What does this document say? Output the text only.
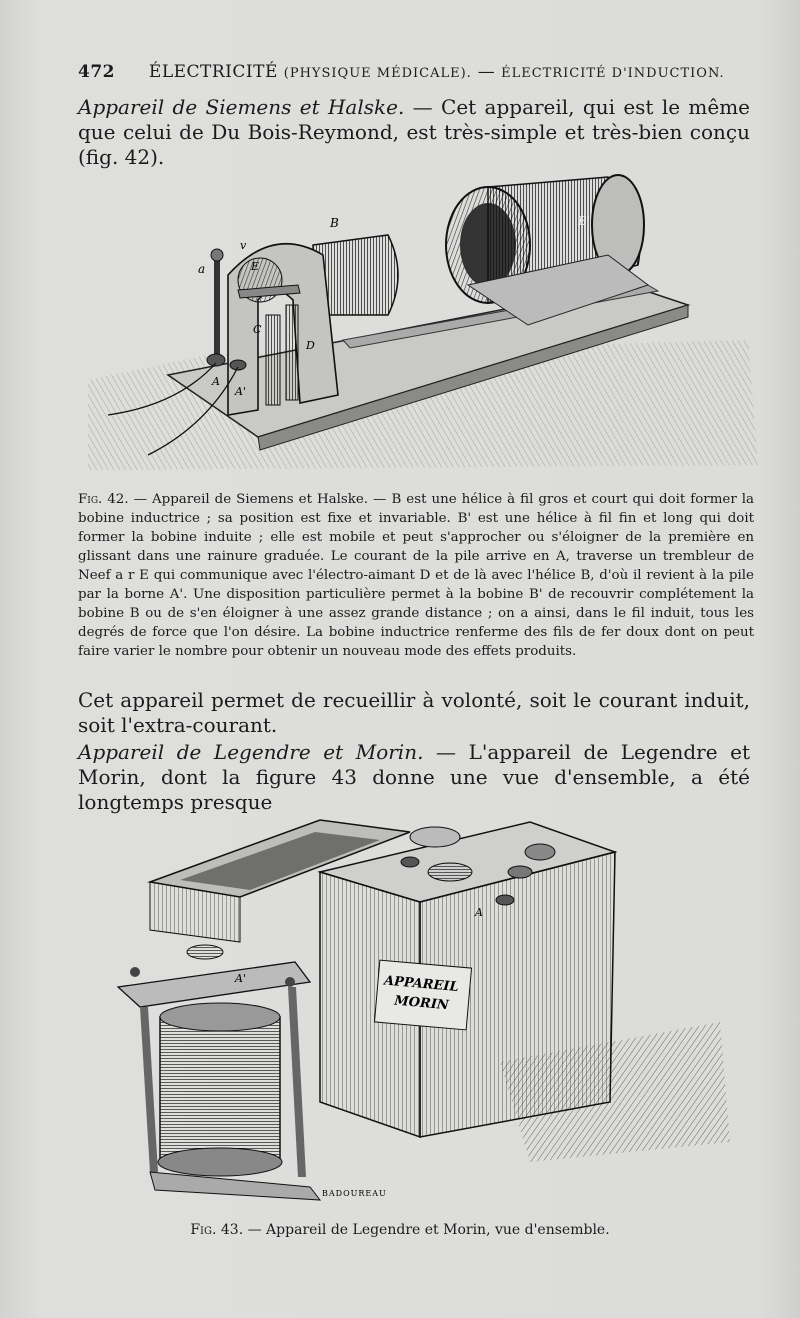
472 ÉLECTRICITÉ (PHYSIQUE MÉDICALE). — ÉLECTRICITÉ D'INDUCTION.
Appareil de Siemens et Halske. — Cet appareil, qui est le même que celui de Du Bois-Reymond, est très-simple et très-bien conçu (fig. 42).
B	B'
a
v
E
C
D
A
A'
Fig. 42. — Appareil de Siemens et Halske. — B est une hélice à fil gros et court qui doit former la bobine inductrice ; sa position est fixe et invariable. B' est une hélice à fil fin et long qui doit former la bobine induite ; elle est mobile et peut s'approcher ou s'éloigner de la première en glissant dans une rainure graduée. Le courant de la pile arrive en A, traverse un trembleur de Neef a r E qui communique avec l'électro-aimant D et de là avec l'hélice B, d'où il revient à la pile par la borne A'. Une disposition particulière permet à la bobine B' de recouvrir complétement la bobine B ou de s'en éloigner à une assez grande distance ; on a ainsi, dans le fil induit, tous les degrés de force que l'on désire. La bobine inductrice renferme des fils de fer doux dont on peut faire varier le nombre pour obtenir un nouveau mode des effets produits.
Cet appareil permet de recueillir à volonté, soit le courant induit, soit l'extra-courant.
Appareil de Legendre et Morin. — L'appareil de Legendre et Morin, dont la figure 43 donne une vue d'ensemble, a été longtemps presque
A
APPAREIL
MORIN
A'
BADOUREAU
Fig. 43. — Appareil de Legendre et Morin, vue d'ensemble.
